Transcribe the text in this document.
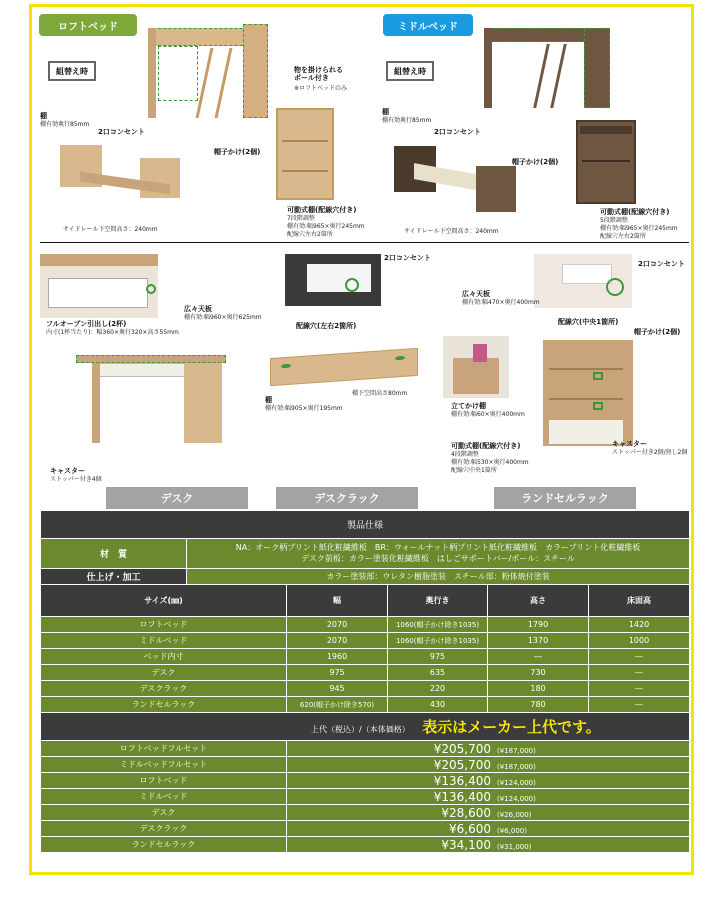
ロフトベッド	ミドルベッド
組替え時	物を掛けられる
ポール付き
※ロフトベッドのみ
棚
棚有効奥行85mm
2口コンセント
サイドレール下空間高さ：240mm
帽子かけ(2個)
可動式棚(配線穴付き)
7段階調整
棚有効:幅965×奥行245mm
配線穴左右2箇所
組替え時
棚
棚有効奥行85mm
2口コンセント
サイドレール下空間高さ：240mm
帽子かけ(2個)
可動式棚(配線穴付き)
5段階調整
棚有効:幅965×奥行245mm
配線穴左右2箇所
フルオープン引出し(2杯)
内寸(1杯当たり)：幅360×奥行320×高さ55mm
広々天板
棚有効:幅960×奥行625mm
キャスター
ストッパー付き4個
2口コンセント
配線穴(左右2箇所)
棚下空間高さ80mm
棚
棚有効:幅905×奥行195mm
2口コンセント
広々天板
棚有効:幅470×奥行400mm
配線穴(中央1箇所)
帽子かけ(2個)
立てかけ棚
棚有効:幅60×奥行400mm
可動式棚(配線穴付き)
4段階調整
棚有効:幅530×奥行400mm
配線穴中央1箇所
キャスター
ストッパー付き2個/無し2個
デスク	デスクラック	ランドセルラック
製品仕様					
材　質	NA：オーク柄プリント紙化粧繊維板　BR：ウォールナット柄プリント紙化粧繊維板　カラープリント化粧繊維板
デスク前板：カラー塗装化粧繊維板　はしごサポートバー/ポール：スチール				

仕上げ・加工	カラー塗装部：ウレタン樹脂塗装　スチール部：粉体焼付塗装				
サイズ(㎜)		幅	奥行き	高さ	床面高
ロフトベッド		2070	1060(帽子かけ除き1035)	1790	1420
ミドルベッド		2070	1060(帽子かけ除き1035)	1370	1000
ベッド内寸		1960	975	―	―
デスク		975	635	730	―
デスクラック		945	220	180	―
ランドセルラック		620(帽子かけ除き570)	430	780	―
上代（税込）/（本体価格） 表示はメーカー上代です。					
ロフトベッドフルセット		¥205,700 (¥187,000)			
ミドルベッドフルセット		¥205,700 (¥187,000)			
ロフトベッド		¥136,400 (¥124,000)			
ミドルベッド		¥136,400 (¥124,000)			
デスク		¥28,600 (¥26,000)			
デスクラック		¥6,600 (¥6,000)			
ランドセルラック		¥34,100 (¥31,000)			
